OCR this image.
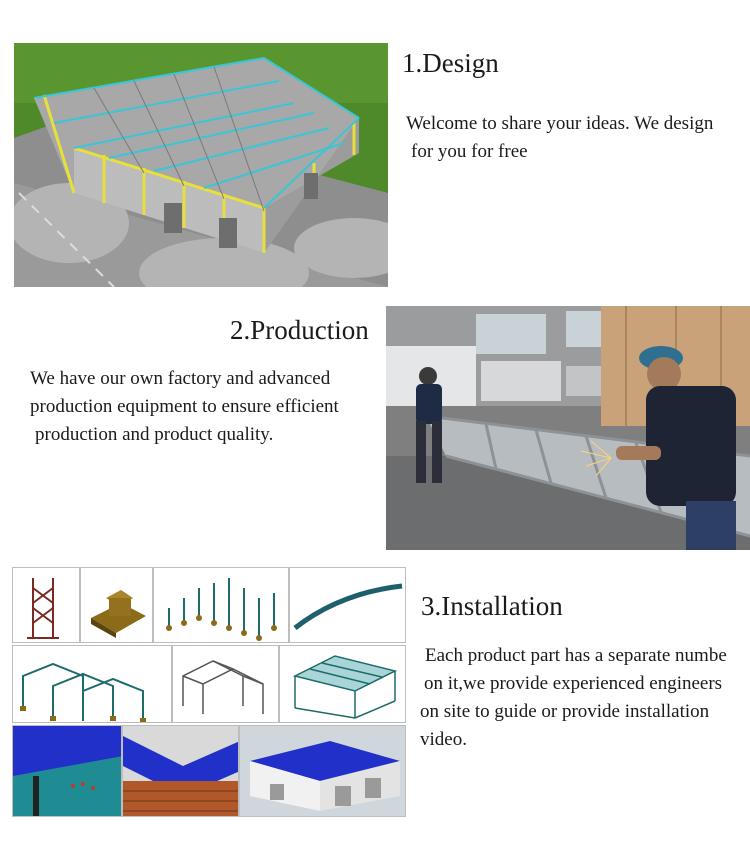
1.Design
Welcome to share your ideas. We design
for you for free
2.Production
We have our own factory and advanced
production equipment to ensure efficient
production and product quality.
3.Installation
Each product part has a separate numbe
on it,we provide experienced engineers
on site to guide or provide installation
video.
